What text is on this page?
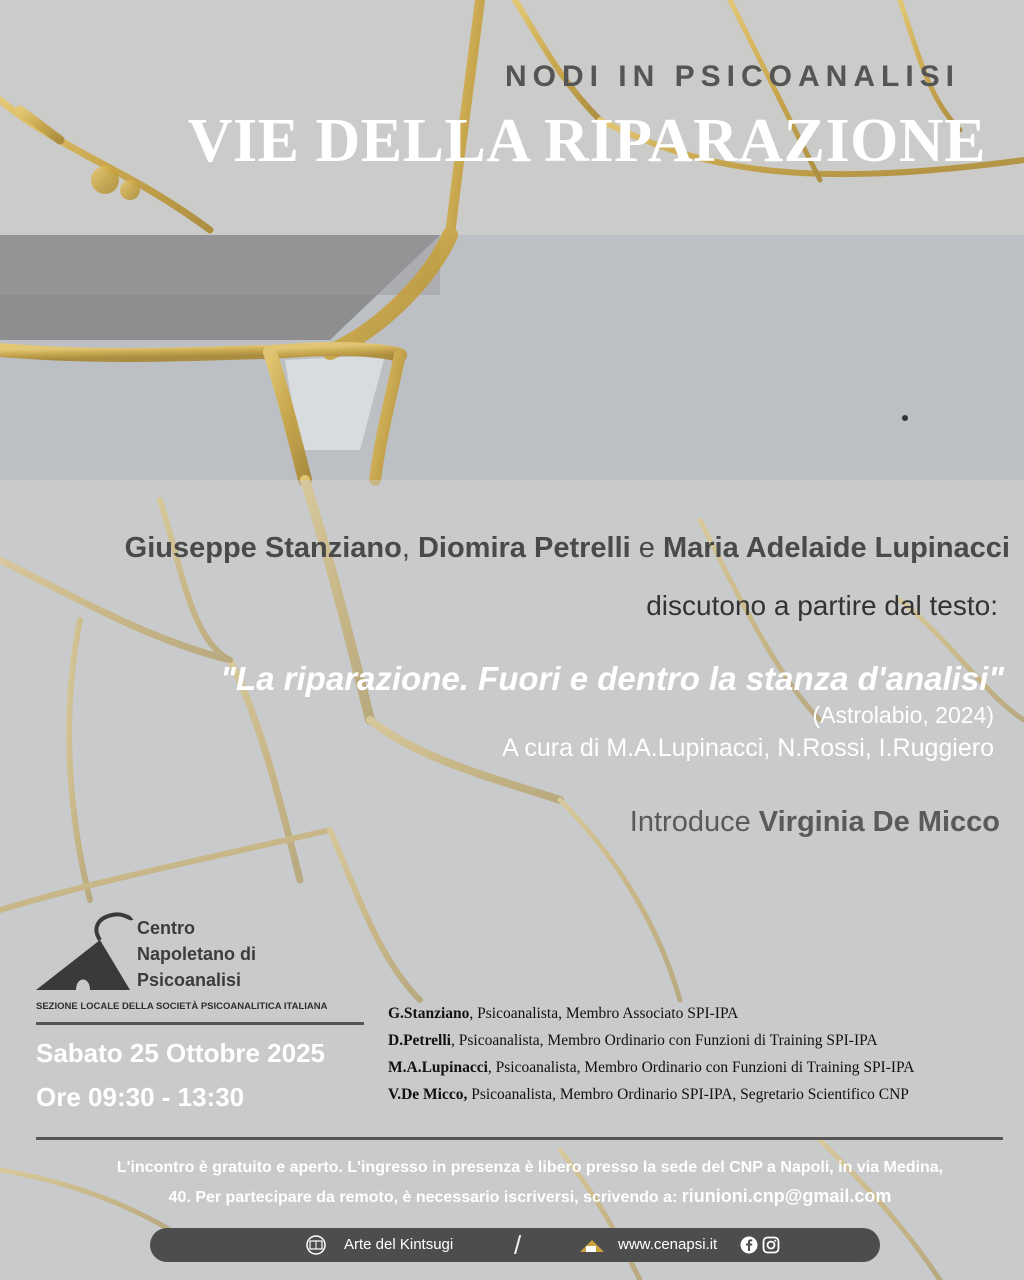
NODI IN PSICOANALISI
VIE DELLA RIPARAZIONE
Giuseppe Stanziano, Diomira Petrelli e Maria Adelaide Lupinacci
discutono a partire dal testo:
"La riparazione. Fuori e dentro la stanza d'analisi"
(Astrolabio, 2024)
A cura di M.A.Lupinacci, N.Rossi, I.Ruggiero
Introduce Virginia De Micco
Centro Napoletano di Psicoanalisi
SEZIONE LOCALE DELLA SOCIETÀ PSICOANALITICA ITALIANA
Sabato 25 Ottobre 2025
Ore 09:30 - 13:30
G.Stanziano, Psicoanalista, Membro Associato SPI-IPA
D.Petrelli, Psicoanalista, Membro Ordinario con Funzioni di Training SPI-IPA
M.A.Lupinacci, Psicoanalista, Membro Ordinario con Funzioni di Training SPI-IPA
V.De Micco, Psicoanalista, Membro Ordinario SPI-IPA, Segretario Scientifico CNP
L'incontro è gratuito e aperto. L'ingresso in presenza è libero presso la sede del CNP a Napoli, in via Medina,
40. Per partecipare da remoto, è necessario iscriversi, scrivendo a: riunioni.cnp@gmail.com
Arte del Kintsugi /	www.cenapsi.it
